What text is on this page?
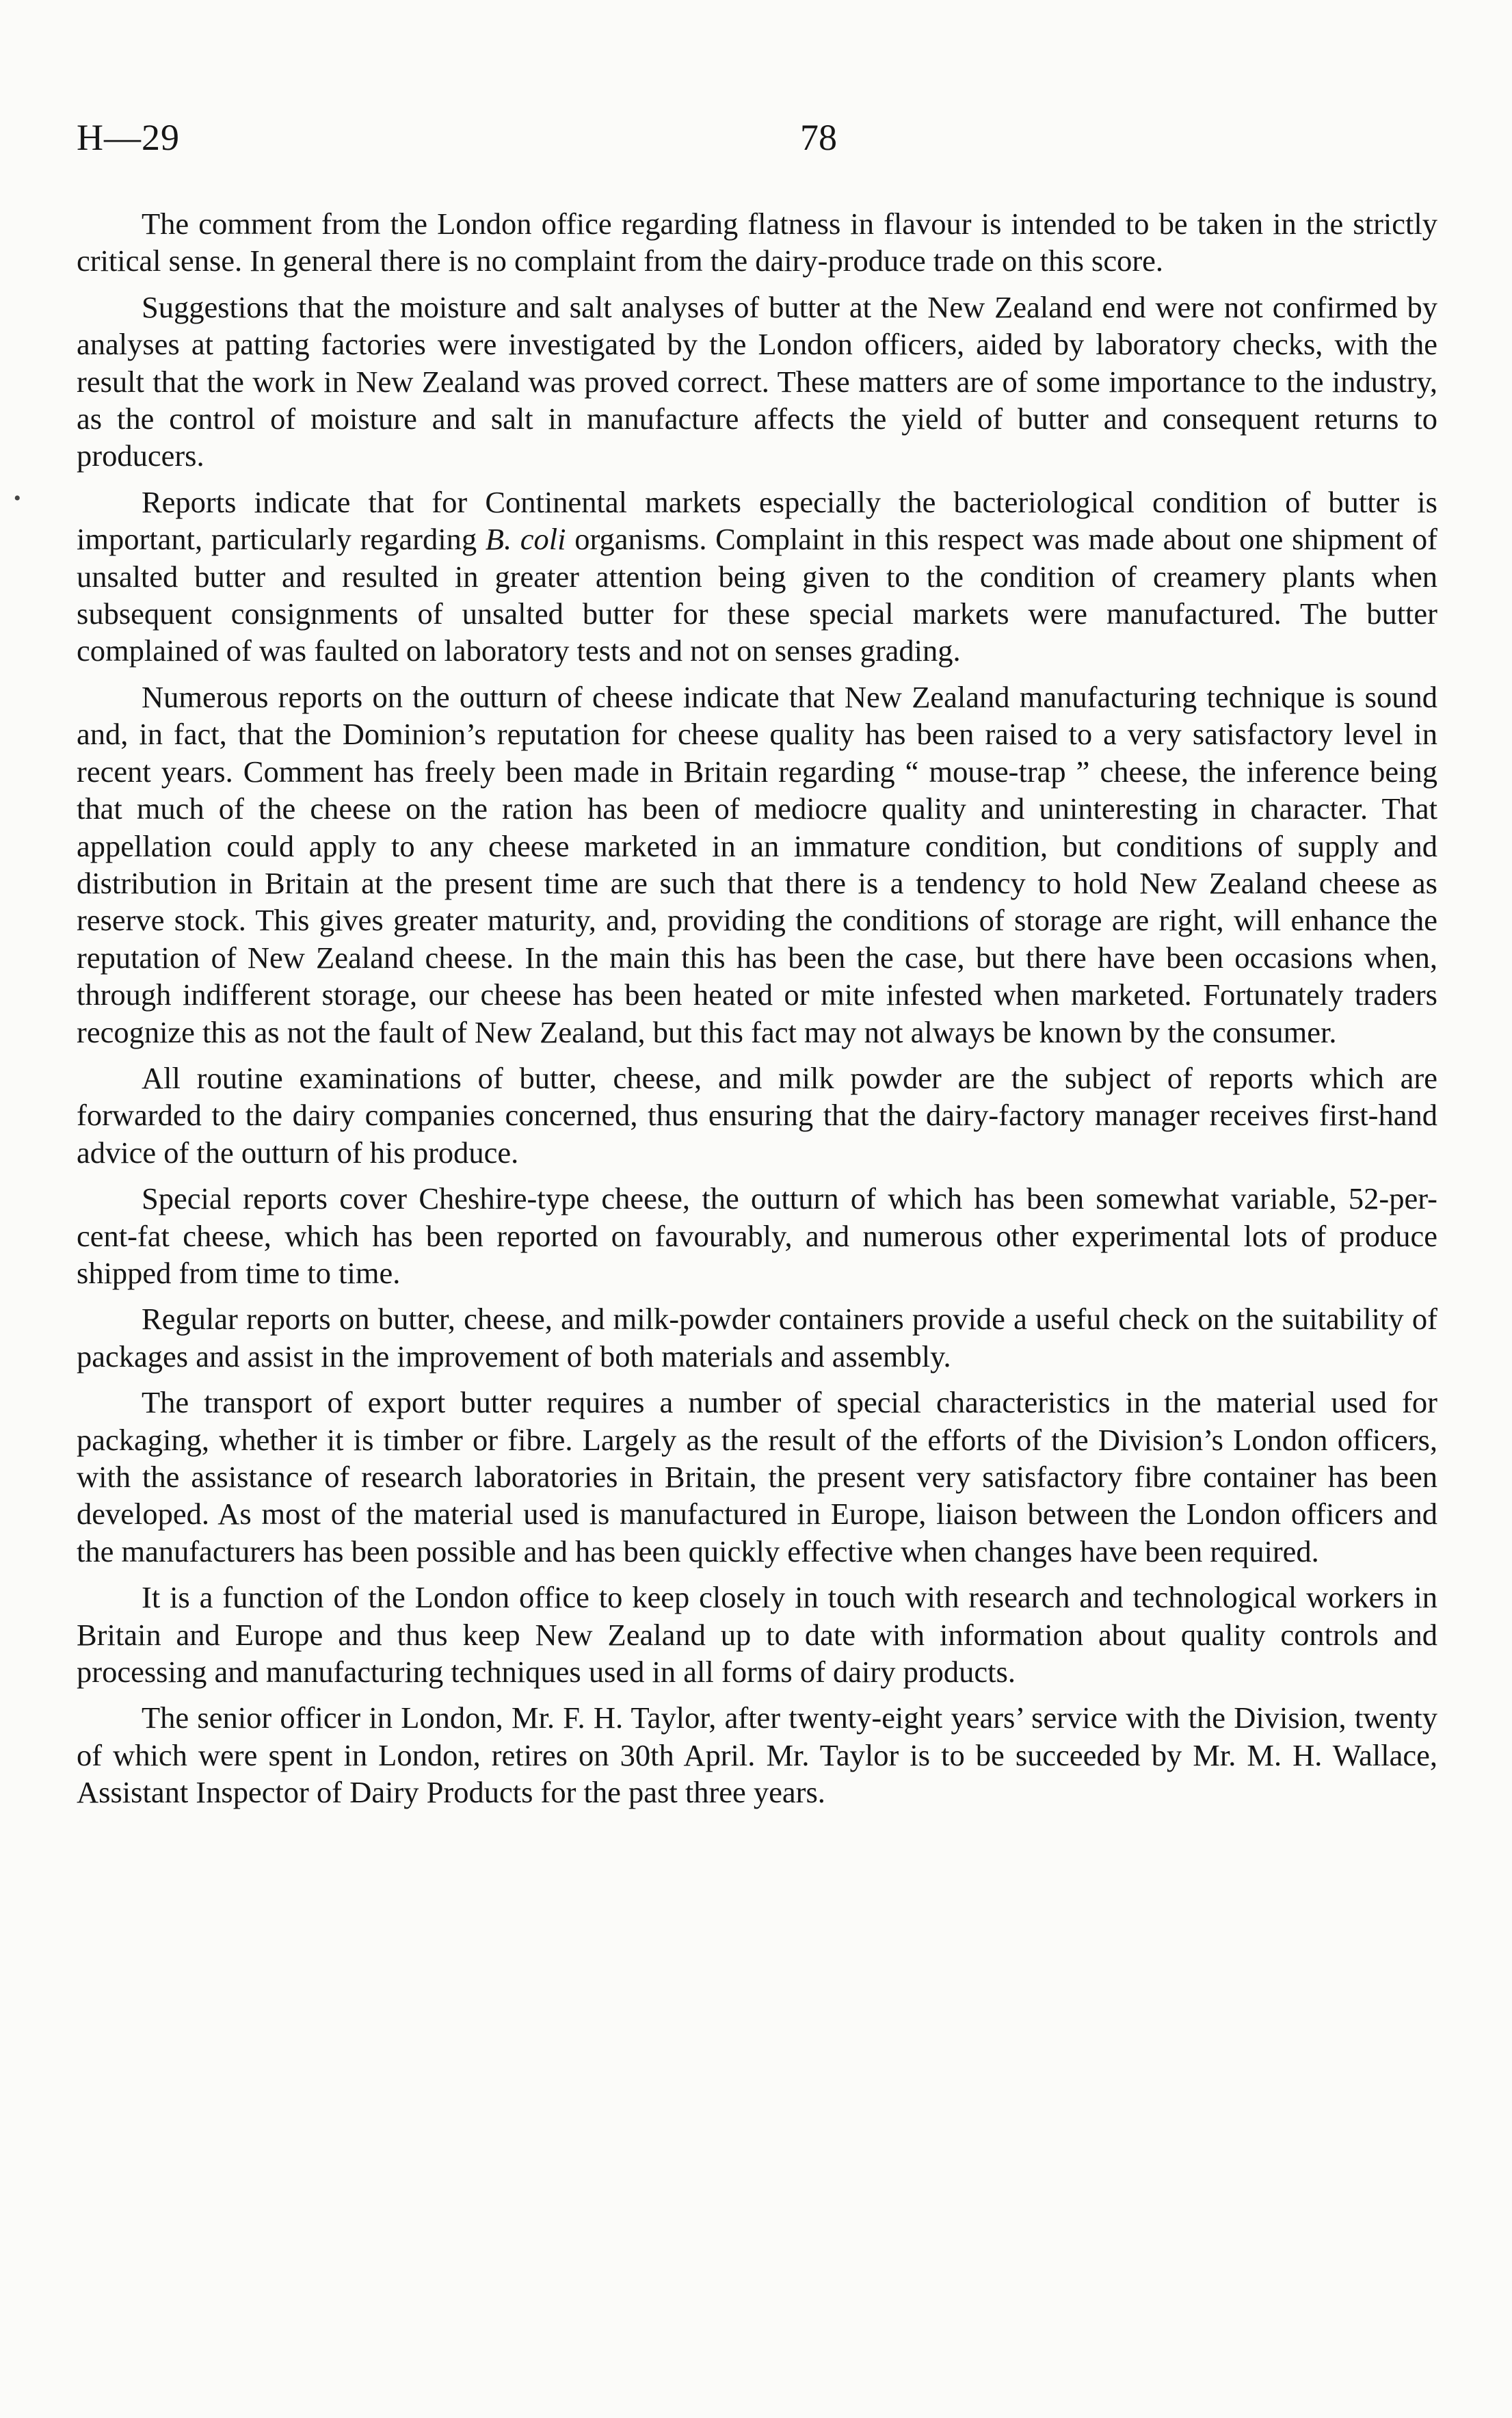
H—29	78

The comment from the London office regarding flatness in flavour is intended to be taken in the strictly critical sense. In general there is no complaint from the dairy-produce trade on this score.

Suggestions that the moisture and salt analyses of butter at the New Zealand end were not confirmed by analyses at patting factories were investigated by the London officers, aided by laboratory checks, with the result that the work in New Zealand was proved correct. These matters are of some importance to the industry, as the control of moisture and salt in manufacture affects the yield of butter and consequent returns to producers.

Reports indicate that for Continental markets especially the bacteriological condition of butter is important, particularly regarding B. coli organisms. Complaint in this respect was made about one shipment of unsalted butter and resulted in greater attention being given to the condition of creamery plants when subsequent consignments of unsalted butter for these special markets were manufactured. The butter complained of was faulted on laboratory tests and not on senses grading.

Numerous reports on the outturn of cheese indicate that New Zealand manufacturing technique is sound and, in fact, that the Dominion’s reputation for cheese quality has been raised to a very satisfactory level in recent years. Comment has freely been made in Britain regarding “ mouse-trap ” cheese, the inference being that much of the cheese on the ration has been of mediocre quality and uninteresting in character. That appellation could apply to any cheese marketed in an immature condition, but conditions of supply and distribution in Britain at the present time are such that there is a tendency to hold New Zealand cheese as reserve stock. This gives greater maturity, and, providing the conditions of storage are right, will enhance the reputation of New Zealand cheese. In the main this has been the case, but there have been occasions when, through indifferent storage, our cheese has been heated or mite infested when marketed. Fortunately traders recognize this as not the fault of New Zealand, but this fact may not always be known by the consumer.

All routine examinations of butter, cheese, and milk powder are the subject of reports which are forwarded to the dairy companies concerned, thus ensuring that the dairy-factory manager receives first-hand advice of the outturn of his produce.

Special reports cover Cheshire-type cheese, the outturn of which has been somewhat variable, 52-per-cent-fat cheese, which has been reported on favourably, and numerous other experimental lots of produce shipped from time to time.

Regular reports on butter, cheese, and milk-powder containers provide a useful check on the suitability of packages and assist in the improvement of both materials and assembly.

The transport of export butter requires a number of special characteristics in the material used for packaging, whether it is timber or fibre. Largely as the result of the efforts of the Division’s London officers, with the assistance of research laboratories in Britain, the present very satisfactory fibre container has been developed. As most of the material used is manufactured in Europe, liaison between the London officers and the manufacturers has been possible and has been quickly effective when changes have been required.

It is a function of the London office to keep closely in touch with research and technological workers in Britain and Europe and thus keep New Zealand up to date with information about quality controls and processing and manufacturing techniques used in all forms of dairy products.

The senior officer in London, Mr. F. H. Taylor, after twenty-eight years’ service with the Division, twenty of which were spent in London, retires on 30th April. Mr. Taylor is to be succeeded by Mr. M. H. Wallace, Assistant Inspector of Dairy Products for the past three years.

•
